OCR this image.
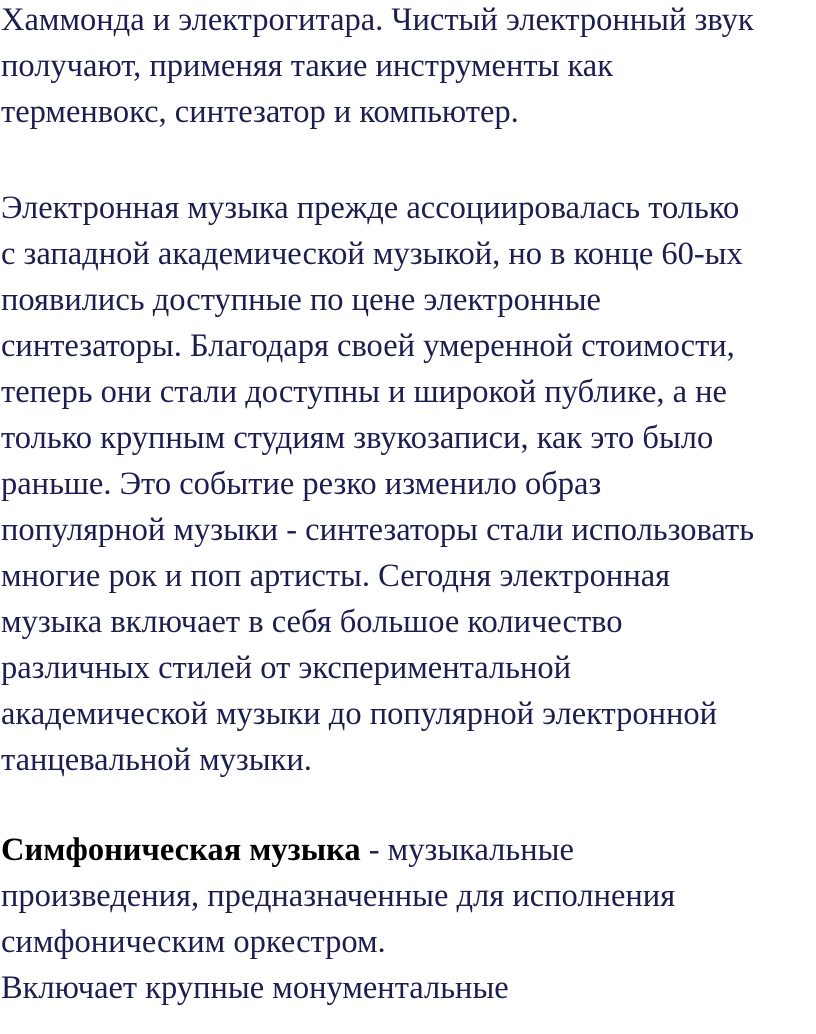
Хаммонда и электрогитара. Чистый электронный звук
получают, применяя такие инструменты как
терменвокс, синтезатор и компьютер.
Электронная музыка прежде ассоциировалась только
с западной академической музыкой, но в конце 60-ых
появились доступные по цене электронные
синтезаторы. Благодаря своей умеренной стоимости,
теперь они стали доступны и широкой публике, а не
только крупным студиям звукозаписи, как это было
раньше. Это событие резко изменило образ
популярной музыки - синтезаторы стали использовать
многие рок и поп артисты. Сегодня электронная
музыка включает в себя большое количество
различных стилей от экспериментальной
академической музыки до популярной электронной
танцевальной музыки.
Симфоническая музыка - музыкальные
произведения, предназначенные для исполнения
симфоническим оркестром.
Включает крупные монументальные
